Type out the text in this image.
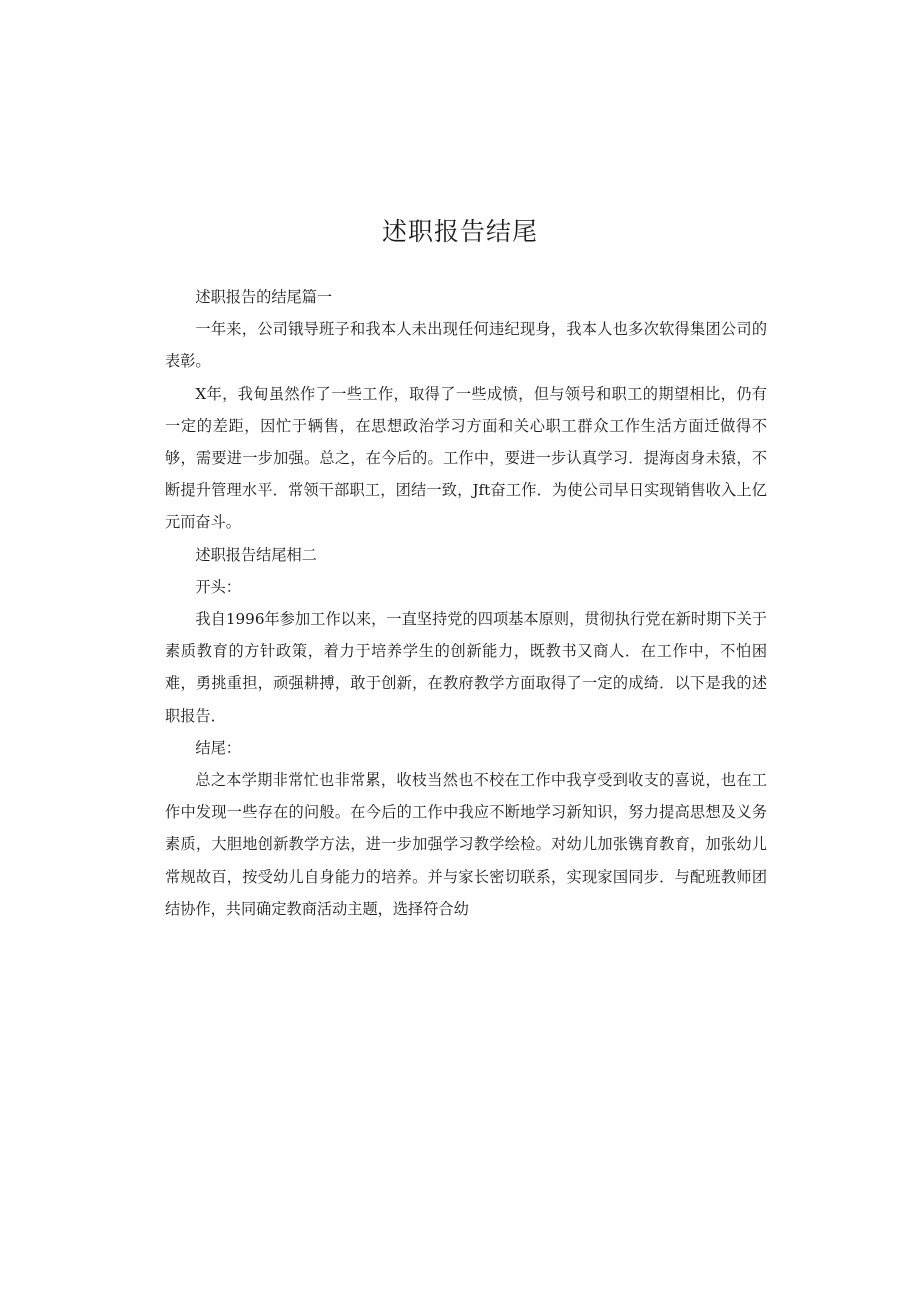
述职报告结尾

述职报告的结尾篇一

一年来，公司锇导班子和我本人未出现任何违纪现身，我本人也多次软得集团公司的表彰。

X年，我甸虽然作了一些工作，取得了一些成愤，但与领号和职工的期望相比，仍有一定的差距，因忙于辆售，在思想政治学习方面和关心职工群众工作生活方面迁做得不够，需要进一步加强。总之，在今后的。工作中，要进一步认真学习．提海卤身未猿，不断提升管理水平．常领干部职工，团结一致，Jft奋工作．为使公司早日实现销售收入上亿元而奋斗。

述职报告结尾相二

开头：

我自1996年参加工作以来，一直坚持党的四项基本原则，贯彻执行党在新时期下关于素质教育的方针政策，着力于培养学生的创新能力，既教书又商人．在工作中，不怕困难，勇挑重担，顽强耕搏，敢于创新，在教府教学方面取得了一定的成绮．以下是我的述职报告．

结尾：

总之本学期非常忙也非常累，收枝当然也不校在工作中我亨受到收支的喜说，也在工作中发现一些存在的问般。在今后的工作中我应不断地学习新知识，努力提高思想及义务素质，大胆地创新教学方法，进一步加强学习教学绘检。对幼儿加张镌育教育，加张幼儿常规故百，按受幼儿自身能力的培养。并与家长密切联系，实现家国同步．与配班教师团结协作，共同确定教商活动主题，选择符合幼
